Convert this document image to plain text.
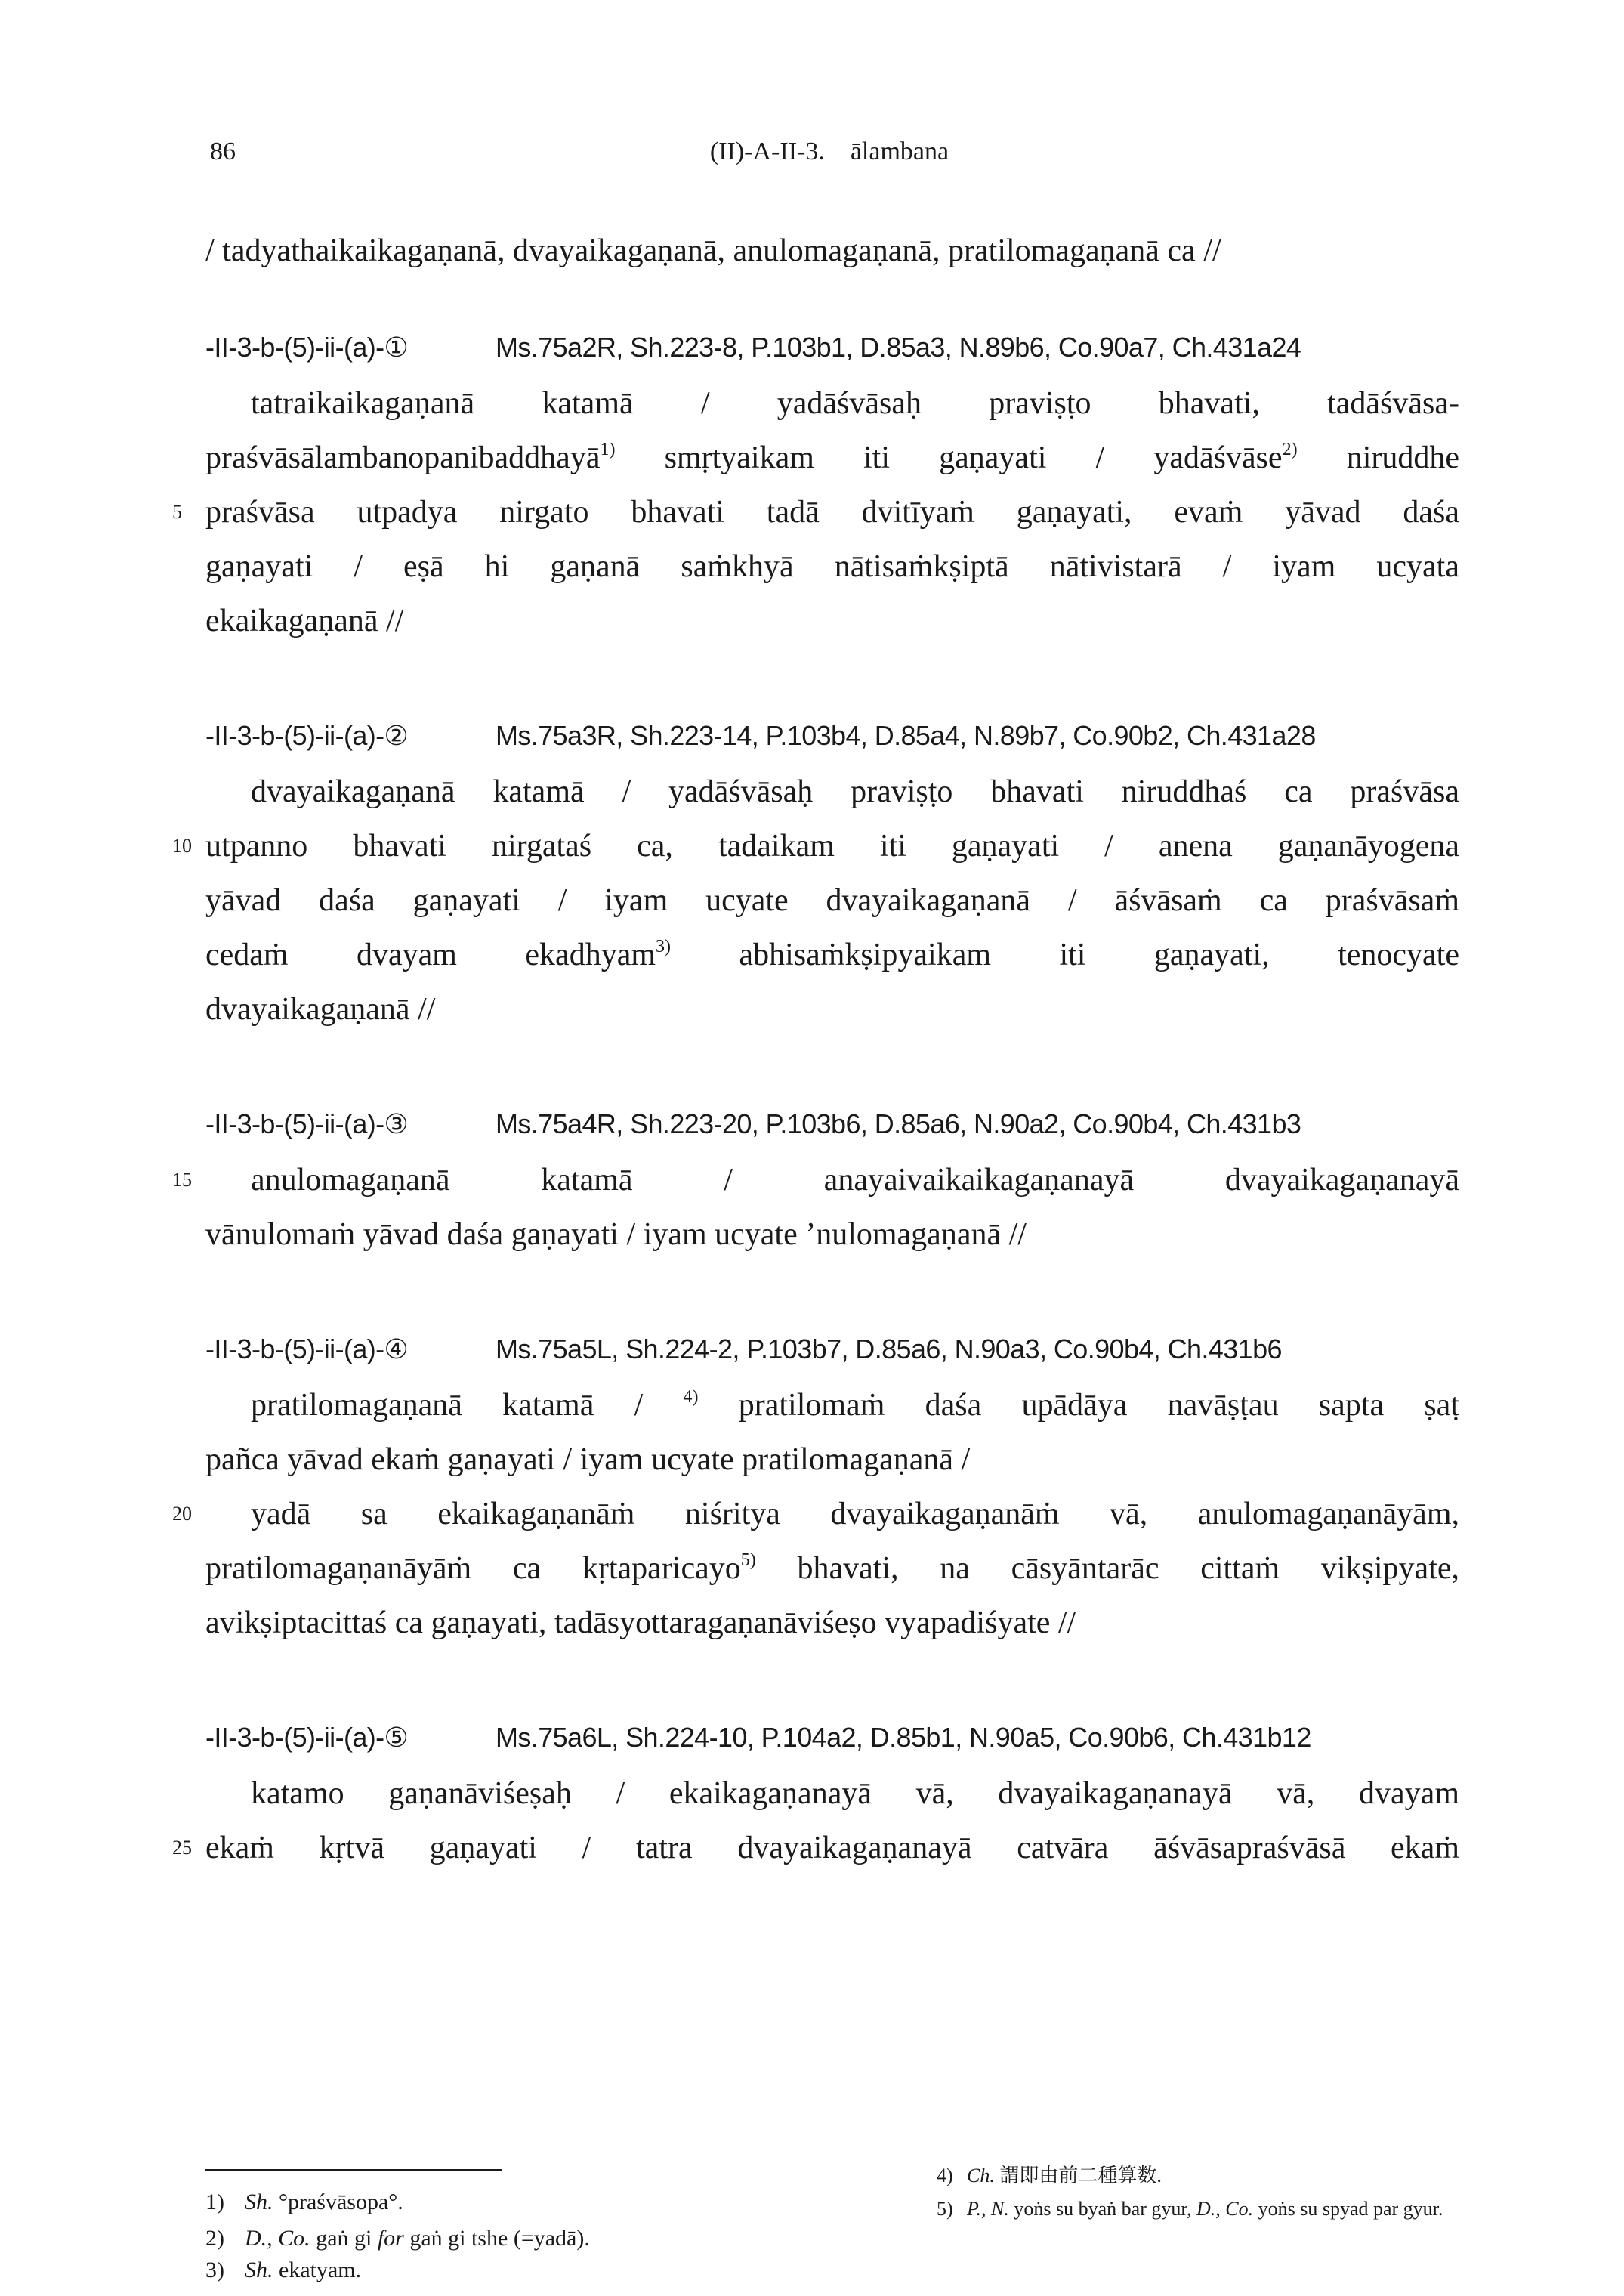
86	(II)-A-II-3.    ālambana
/ tadyathaikaikagaṇanā, dvayaikagaṇanā, anulomagaṇanā, pratilomagaṇanā ca //
-II-3-b-(5)-ii-(a)-①	Ms.75a2R, Sh.223-8, P.103b1, D.85a3, N.89b6, Co.90a7, Ch.431a24
tatraikaikagaṇanā katamā / yadāśvāsaḥ praviṣṭo bhavati, tadāśvāsa-
praśvāsālambanopanibaddhayā$^{1)}$ smṛtyaikam iti gaṇayati / yadāśvāse$^{2)}$ niruddhe
5 praśvāsa utpadya nirgato bhavati tadā dvitīyaṁ gaṇayati, evaṁ yāvad daśa
gaṇayati / eṣā hi gaṇanā saṁkhyā nātisaṁkṣiptā nātivistarā / iyam ucyata
ekaikagaṇanā //
-II-3-b-(5)-ii-(a)-②	Ms.75a3R, Sh.223-14, P.103b4, D.85a4, N.89b7, Co.90b2, Ch.431a28
dvayaikagaṇanā katamā / yadāśvāsaḥ praviṣṭo bhavati niruddhaś ca praśvāsa
10 utpanno bhavati nirgataś ca, tadaikam iti gaṇayati / anena gaṇanāyogena
yāvad daśa gaṇayati / iyam ucyate dvayaikagaṇanā / āśvāsaṁ ca praśvāsaṁ
cedaṁ dvayam ekadhyam$^{3)}$ abhisaṁkṣipyaikam iti gaṇayati, tenocyate
dvayaikagaṇanā //
-II-3-b-(5)-ii-(a)-③	Ms.75a4R, Sh.223-20, P.103b6, D.85a6, N.90a2, Co.90b4, Ch.431b3
15	anulomagaṇanā katamā / anayaivaikaikagaṇanayā dvayaikagaṇanayā
vānulomaṁ yāvad daśa gaṇayati / iyam ucyate ’nulomagaṇanā //
-II-3-b-(5)-ii-(a)-④	Ms.75a5L, Sh.224-2, P.103b7, D.85a6, N.90a3, Co.90b4, Ch.431b6
pratilomagaṇanā katamā / $^{4)}$ pratilomaṁ daśa upādāya navāṣṭau sapta ṣaṭ
pañca yāvad ekaṁ gaṇayati / iyam ucyate pratilomagaṇanā /
20	yadā sa ekaikagaṇanāṁ niśritya dvayaikagaṇanāṁ vā, anulomagaṇanāyām,
pratilomagaṇanāyāṁ ca kṛtaparicayo$^{5)}$ bhavati, na cāsyāntarāc cittaṁ vikṣipyate,
avikṣiptacittaś ca gaṇayati, tadāsyottaragaṇanāviśeṣo vyapadiśyate //
-II-3-b-(5)-ii-(a)-⑤	Ms.75a6L, Sh.224-10, P.104a2, D.85b1, N.90a5, Co.90b6, Ch.431b12
katamo gaṇanāviśeṣaḥ / ekaikagaṇanayā vā, dvayaikagaṇanayā vā, dvayam
25 ekaṁ kṛtvā gaṇayati / tatra dvayaikagaṇanayā catvāra āśvāsapraśvāsā ekaṁ
1) Sh. °praśvāsopa°.
2) D., Co. gaṅ gi for gaṅ gi tshe (=yadā).
3) Sh. ekatyam.
4) Ch. 謂即由前二種算数.
5) P., N. yoṅs su byaṅ bar gyur, D., Co. yoṅs su spyad par gyur.
